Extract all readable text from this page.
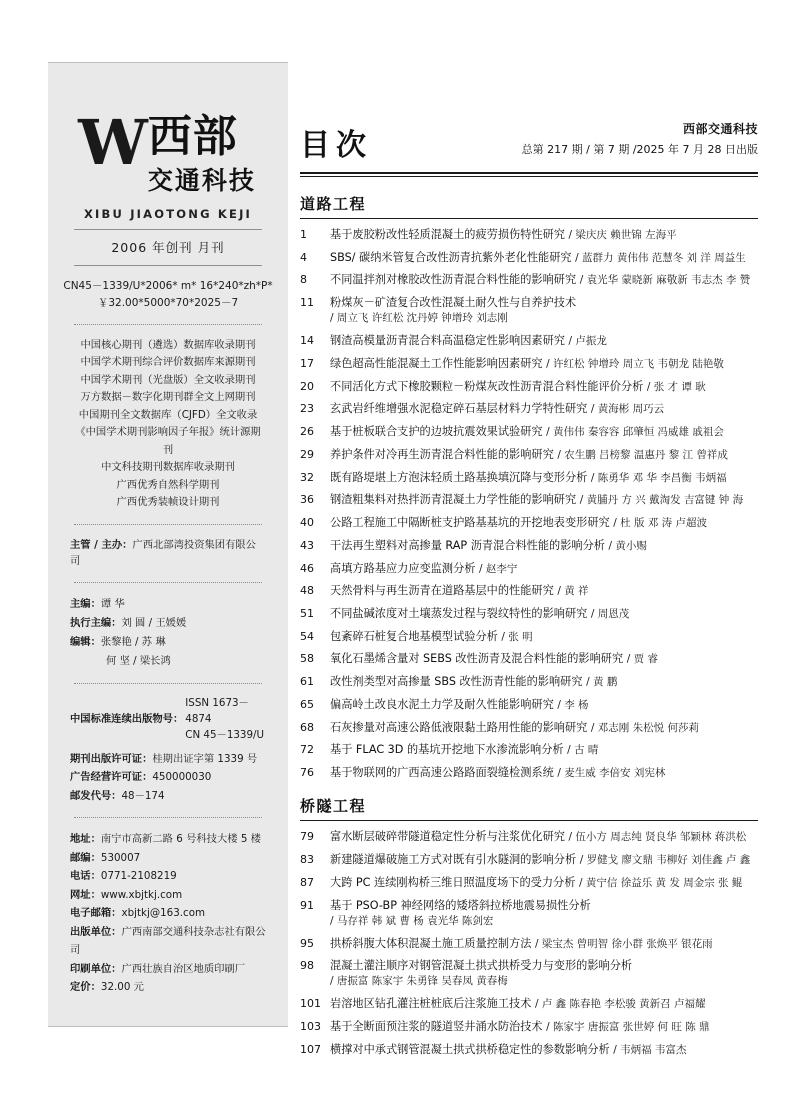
W 西部
交通科技
XIBU JIAOTONG KEJI
2006 年创刊 月刊
CN45－1339/U*2006* m* 16*240*zh*P*
￥32.00*5000*70*2025－7
中国核心期刊（遴选）数据库收录期刊
中国学术期刊综合评价数据库来源期刊
中国学术期刊（光盘版）全文收录期刊
万方数据－数字化期刊群全文上网期刊
中国期刊全文数据库（CJFD）全文收录
《中国学术期刊影响因子年报》统计源期刊
中文科技期刊数据库收录期刊
广西优秀自然科学期刊
广西优秀装帧设计期刊
主管 / 主办：广西北部湾投资集团有限公司
主编： 谭 华
执行主编： 刘 圆 / 王媛媛
编辑： 张黎艳 / 苏 琳
何 坚 / 梁长鸿
中国标准连续出版物号：
ISSN 1673－4874
CN 45－1339/U
期刊出版许可证：桂期出证字第 1339 号
广告经营许可证：450000030
邮发代号：48－174
地址：南宁市高新二路 6 号科技大楼 5 楼
邮编：530007
电话：0771-2108219
网址：www.xbjtkj.com
电子邮箱：xbjtkj@163.com
出版单位：广西南部交通科技杂志社有限公司
印刷单位：广西壮族自治区地质印刷厂
定价：32.00 元
目次	西部交通科技
总第 217 期 / 第 7 期 /2025 年 7 月 28 日出版
道路工程
1	基于废胶粉改性轻质混凝土的疲劳损伤特性研究 / 梁庆庆 赖世锦 左海平
4	SBS/ 碳纳米管复合改性沥青抗紫外老化性能研究 / 蓝群力 黄伟伟 范慧冬 刘 洋 周益生
8	不同温拌剂对橡胶改性沥青混合料性能的影响研究 / 袁光华 蒙晓新 麻敬新 韦志杰 李 赞
11	粉煤灰－矿渣复合改性混凝土耐久性与自养护技术
/ 周立飞 许红松 沈丹婷 钟增玲 刘志刚
14	钢渣高模量沥青混合料高温稳定性影响因素研究 / 卢振龙
17	绿色超高性能混凝土工作性能影响因素研究 / 许红松 钟增玲 周立飞 韦朝龙 陆艳敬
20	不同活化方式下橡胶颗粒－粉煤灰改性沥青混合料性能评价分析 / 张 才 谭 耿
23	玄武岩纤维增强水泥稳定碎石基层材料力学特性研究 / 黄海彬 周巧云
26	基于桩板联合支护的边坡抗震效果试验研究 / 黄伟伟 秦容容 邱肇恒 冯威雄 戚祖会
29	养护条件对冷再生沥青混合料性能的影响研究 / 农生鹏 吕榜黎 温惠丹 黎 江 曾祥成
32	既有路堤堪上方泡沫轻质土路基换填沉降与变形分析 / 陈勇华 邓 华 李昌衡 韦炳福
36	钢渣粗集料对热拌沥青混凝土力学性能的影响研究 / 黄脯丹 方 兴 戴淘发 吉富键 钟 海
40	公路工程施工中隔断桩支护路基基坑的开挖地表变形研究 / 杜 版 邓 涛 卢超波
43	干法再生塑料对高掺量 RAP 沥青混合料性能的影响分析 / 黄小赐
46	高填方路基应力应变监测分析 / 赵李宁
48	天然骨料与再生沥青在道路基层中的性能研究 / 黄 祥
51	不同盐碱浓度对土壤蒸发过程与裂纹特性的影响研究 / 周恩茂
54	包紊碎石桩复合地基模型试验分析 / 张 明
58	氧化石墨烯含量对 SEBS 改性沥青及混合料性能的影响研究 / 贾 睿
61	改性剂类型对高掺量 SBS 改性沥青性能的影响研究 / 黄 鹏
65	偏高岭土改良水泥土力学及耐久性能影响研究 / 李 杨
68	石灰掺量对高速公路低液限黏土路用性能的影响研究 / 邓志刚 朱松悦 何莎莉
72	基于 FLAC 3D 的基坑开挖地下水渗流影响分析 / 古 晴
76	基于物联网的广西高速公路路面裂缝检测系统 / 麦生威 李倍安 刘宪林
桥隧工程
79	富水断层破碎带隧道稳定性分析与注浆优化研究 / 伍小方 周志纯 贤良华 邹颖林 蒋洪松
83	新建隧道爆破施工方式对既有引水隧洞的影响分析 / 罗健戈 廖文鼎 韦柳好 刘佳鑫 卢 鑫
87	大跨 PC 连续刚构桥三维日照温度场下的受力分析 / 黄宁信 徐益乐 黄 发 周金宗 张 鲲
91	基于 PSO-BP 神经网络的矮塔斜拉桥地震易损性分析
/ 马存祥 韩 斌 曹 杨 袁光华 陈剑宏
95	拱桥斜腹大体积混凝土施工质量控制方法 / 梁宝杰 曾明智 徐小群 张焕平 银花雨
98	混凝土灌注顺序对钢管混凝土拱式拱桥受力与变形的影响分析
/ 唐振富 陈家宇 朱勇锋 吴春凤 黄春梅
101 岩溶地区钻孔灌注桩桩底后注浆施工技术 / 卢 鑫 陈春艳 李松骏 黄新召 卢福耀
103 基于全断面预注浆的隧道竖井涌水防治技术 / 陈家宇 唐振富 张世婷 何 旺 陈 鼎
107 横撑对中承式钢管混凝土拱式拱桥稳定性的参数影响分析 / 韦炳福 韦富杰
